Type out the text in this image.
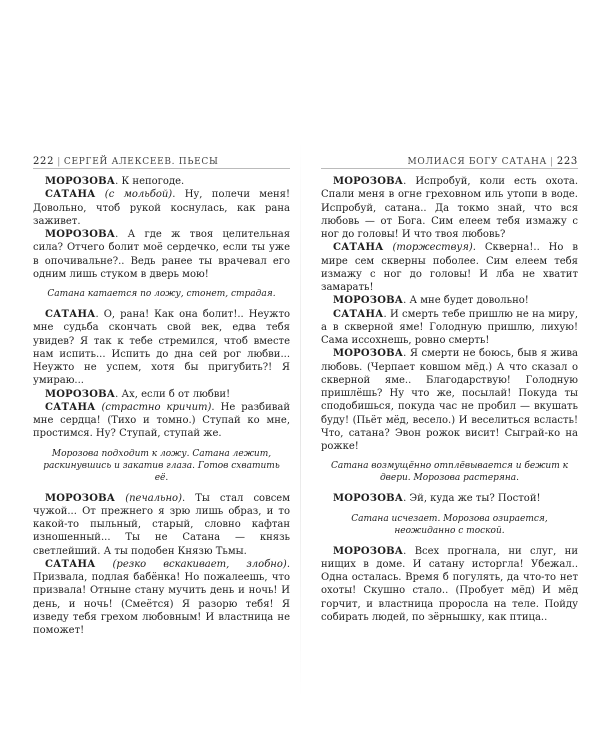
222 | СЕРГЕЙ АЛЕКСЕЕВ. ПЬЕСЫ

МОРОЗОВА. К непогоде.

САТАНА (с мольбой). Ну, полечи меня! Довольно, чтоб рукой коснулась, как рана заживет.

МОРОЗОВА. А где ж твоя целительная сила? Отчего болит моё сердечко, если ты уже в опочивальне?.. Ведь ранее ты врачевал его одним лишь стуком в дверь мою!

Сатана катается по ложу, стонет, страдая.

САТАНА. О, рана! Как она болит!.. Неужто мне судьба скончать свой век, едва тебя увидев? Я так к тебе стремился, чтоб вместе нам испить... Испить до дна сей рог любви... Неужто не успем, хотя бы пригубить?! Я умираю...

МОРОЗОВА. Ах, если б от любви!

САТАНА (страстно кричит). Не разбивай мне сердца! (Тихо и томно.) Ступай ко мне, простимся. Ну? Ступай, ступай же.

Морозова подходит к ложу. Сатана лежит, раскинувшись и закатив глаза. Готов схватить её.

МОРОЗОВА (печально). Ты стал совсем чужой... От прежнего я зрю лишь образ, и то какой-то пыльный, старый, словно кафтан изношенный... Ты не Сатана — князь светлейший. А ты подобен Князю Тьмы.

САТАНА (резко вскакивает, злобно). Призвала, подлая бабёнка! Но пожалеешь, что призвала! Отныне стану мучить день и ночь! И день, и ночь! (Смеётся) Я разорю тебя! Я изведу тебя грехом любовным! И властница не поможет!

МОЛИАСЯ БОГУ САТАНА | 223

МОРОЗОВА. Испробуй, коли есть охота. Спали меня в огне греховном иль утопи в воде. Испробуй, сатана.. Да токмо знай, что вся любовь — от Бога. Сим елеем тебя измажу с ног до головы! И что твоя любовь?

САТАНА (торжествуя). Скверна!.. Но в мире сем скверны поболее. Сим елеем тебя измажу с ног до головы! И лба не хватит замарать!

МОРОЗОВА. А мне будет довольно!

САТАНА. И смерть тебе пришлю не на миру, а в скверной яме! Голодную пришлю, лихую! Сама иссохнешь, ровно смерть!

МОРОЗОВА. Я смерти не боюсь, быв я жива любовь. (Черпает ковшом мёд.) А что сказал о скверной яме.. Благодарствую! Голодную пришлёшь? Ну что же, посылай! Покуда ты сподобишься, покуда час не пробил — вкушать буду! (Пьёт мёд, весело.) И веселиться всласть! Что, сатана? Эвон рожок висит! Сыграй-ко на рожке!

Сатана возмущённо отплёвывается и бежит к двери. Морозова растеряна.

МОРОЗОВА. Эй, куда же ты? Постой!

Сатана исчезает. Морозова озирается, неожиданно с тоской.

МОРОЗОВА. Всех прогнала, ни слуг, ни нищих в доме. И сатану исторгла! Убежал.. Одна осталась. Время б погулять, да что-то нет охоты! Скушно стало.. (Пробует мёд) И мёд горчит, и властница проросла на теле. Пойду собирать людей, по зёрнышку, как птица..
